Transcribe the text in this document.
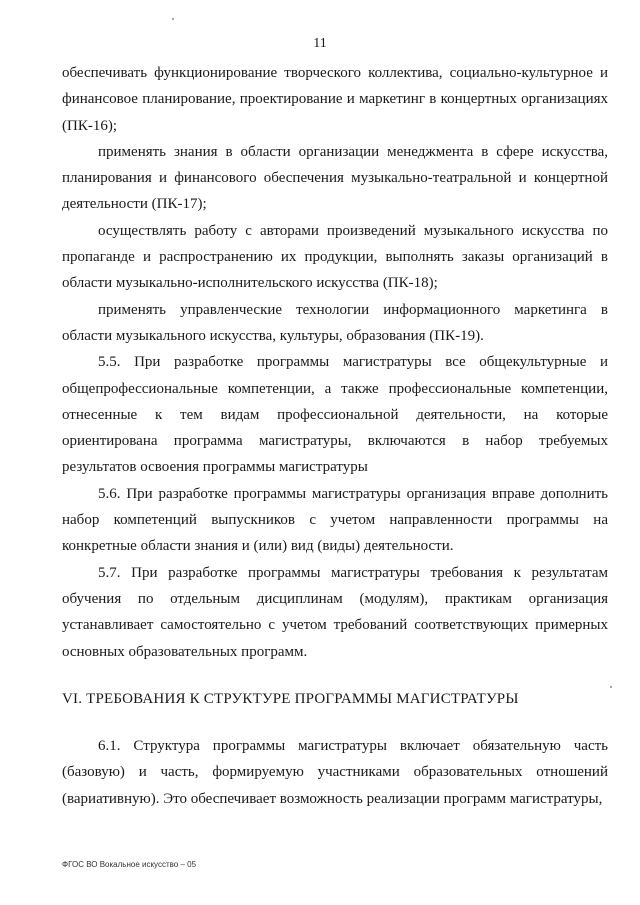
11

обеспечивать функционирование творческого коллектива, социально-культурное и финансовое планирование, проектирование и маркетинг в концертных организациях (ПК-16);

применять знания в области организации менеджмента в сфере искусства, планирования и финансового обеспечения музыкально-театральной и концертной деятельности (ПК-17);

осуществлять работу с авторами произведений музыкального искусства по пропаганде и распространению их продукции, выполнять заказы организаций в области музыкально-исполнительского искусства (ПК-18);

применять управленческие технологии информационного маркетинга в области музыкального искусства, культуры, образования (ПК-19).

5.5. При разработке программы магистратуры все общекультурные и общепрофессиональные компетенции, а также профессиональные компетенции, отнесенные к тем видам профессиональной деятельности, на которые ориентирована программа магистратуры, включаются в набор требуемых результатов освоения программы магистратуры

5.6. При разработке программы магистратуры организация вправе дополнить набор компетенций выпускников с учетом направленности программы на конкретные области знания и (или) вид (виды) деятельности.

5.7. При разработке программы магистратуры требования к результатам обучения по отдельным дисциплинам (модулям), практикам организация устанавливает самостоятельно с учетом требований соответствующих примерных основных образовательных программ.

VI. ТРЕБОВАНИЯ К СТРУКТУРЕ ПРОГРАММЫ МАГИСТРАТУРЫ

6.1. Структура программы магистратуры включает обязательную часть (базовую) и часть, формируемую участниками образовательных отношений (вариативную). Это обеспечивает возможность реализации программ магистратуры,

ФГОС ВО Вокальное искусство – 05
